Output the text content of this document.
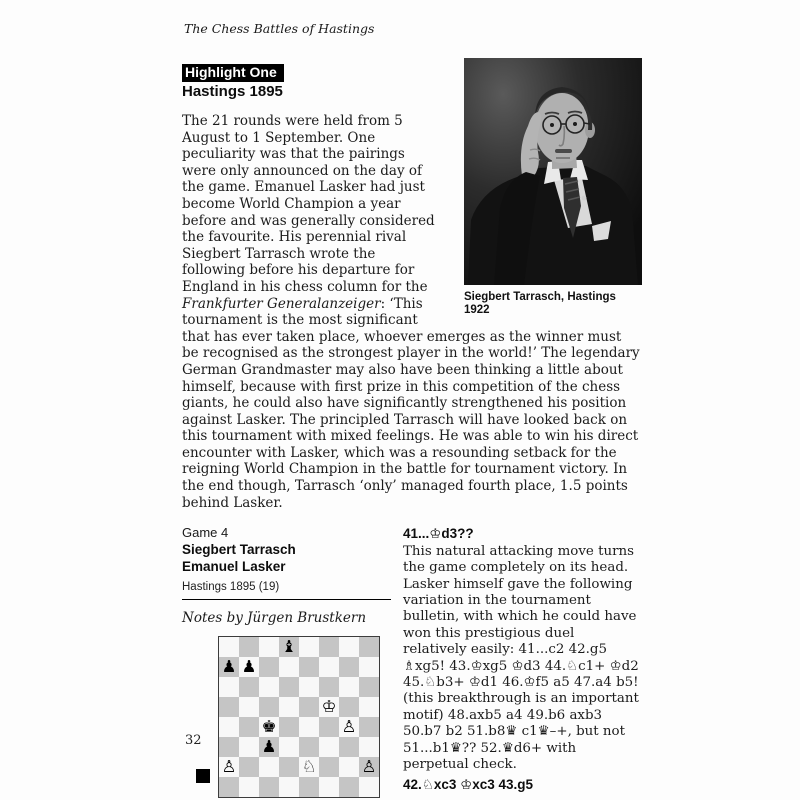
The Chess Battles of Hastings
Siegbert Tarrasch, Hastings 1922
Highlight One
Hastings 1895

The 21 rounds were held from 5 August to 1 September. One peculiarity was that the pairings were only announced on the day of the game. Emanuel Lasker had just become World Champion a year before and was generally considered the favourite. His perennial rival Siegbert Tarrasch wrote the following before his departure for England in his chess column for the Frankfurter Generalanzeiger: ‘This tournament is the most significant that has ever taken place, whoever emerges as the winner must be recognised as the strongest player in the world!’ The legendary German Grandmaster may also have been thinking a little about himself, because with first prize in this competition of the chess giants, he could also have significantly strengthened his position against Lasker. The principled Tarrasch will have looked back on this tournament with mixed feelings. He was able to win his direct encounter with Lasker, which was a resounding setback for the reigning World Champion in the battle for tournament victory. In the end though, Tarrasch ‘only’ managed fourth place, 1.5 points behind Lasker.

Game 4
Siegbert Tarrasch
Emanuel Lasker
Hastings 1895 (19)
Notes by Jürgen Brustkern
♝
♟ ♟
♔
♚	♙
♟
♙	♘	♙
41...♔d3??

This natural attacking move turns the game completely on its head. Lasker himself gave the following variation in the tournament bulletin, with which he could have won this prestigious duel relatively easily: 41...c2 42.g5 ♗xg5! 43.♔xg5 ♔d3 44.♘c1+ ♔d2 45.♘b3+ ♔d1 46.♔f5 a5 47.a4 b5! (this breakthrough is an important motif) 48.axb5 a4 49.b6 axb3 50.b7 b2 51.b8♛ c1♛–+, but not 51...b1♛?? 52.♛d6+ with perpetual check.

42.♘xc3 ♔xc3 43.g5
32
